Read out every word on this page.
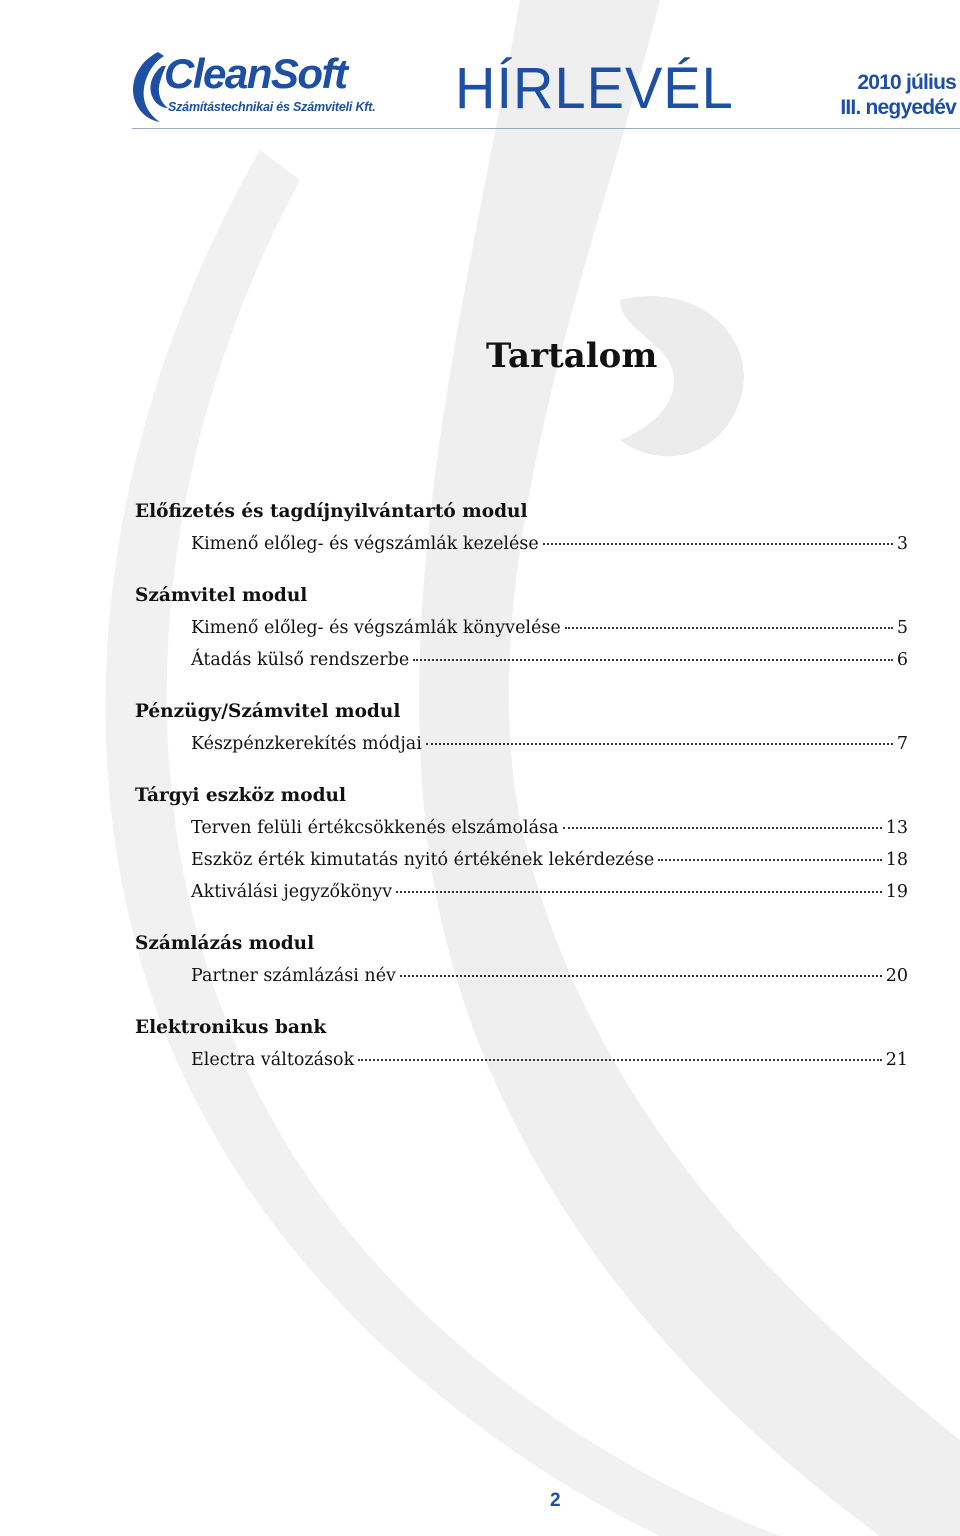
CleanSoft
Számítástechnikai és Számviteli Kft. HÍRLEVÉL	2010 július
III. negyedév
Tartalom
Előfizetés és tagdíjnyilvántartó modul
Kimenő előleg- és végszámlák kezelése	3
Számvitel modul
Kimenő előleg- és végszámlák könyvelése	5
Átadás külső rendszerbe	6
Pénzügy/Számvitel modul
Készpénzkerekítés módjai	7
Tárgyi eszköz modul
Terven felüli értékcsökkenés elszámolása	13
Eszköz érték kimutatás nyitó értékének lekérdezése	18
Aktiválási jegyzőkönyv	19
Számlázás modul
Partner számlázási név	20
Elektronikus bank
Electra változások	21
2
